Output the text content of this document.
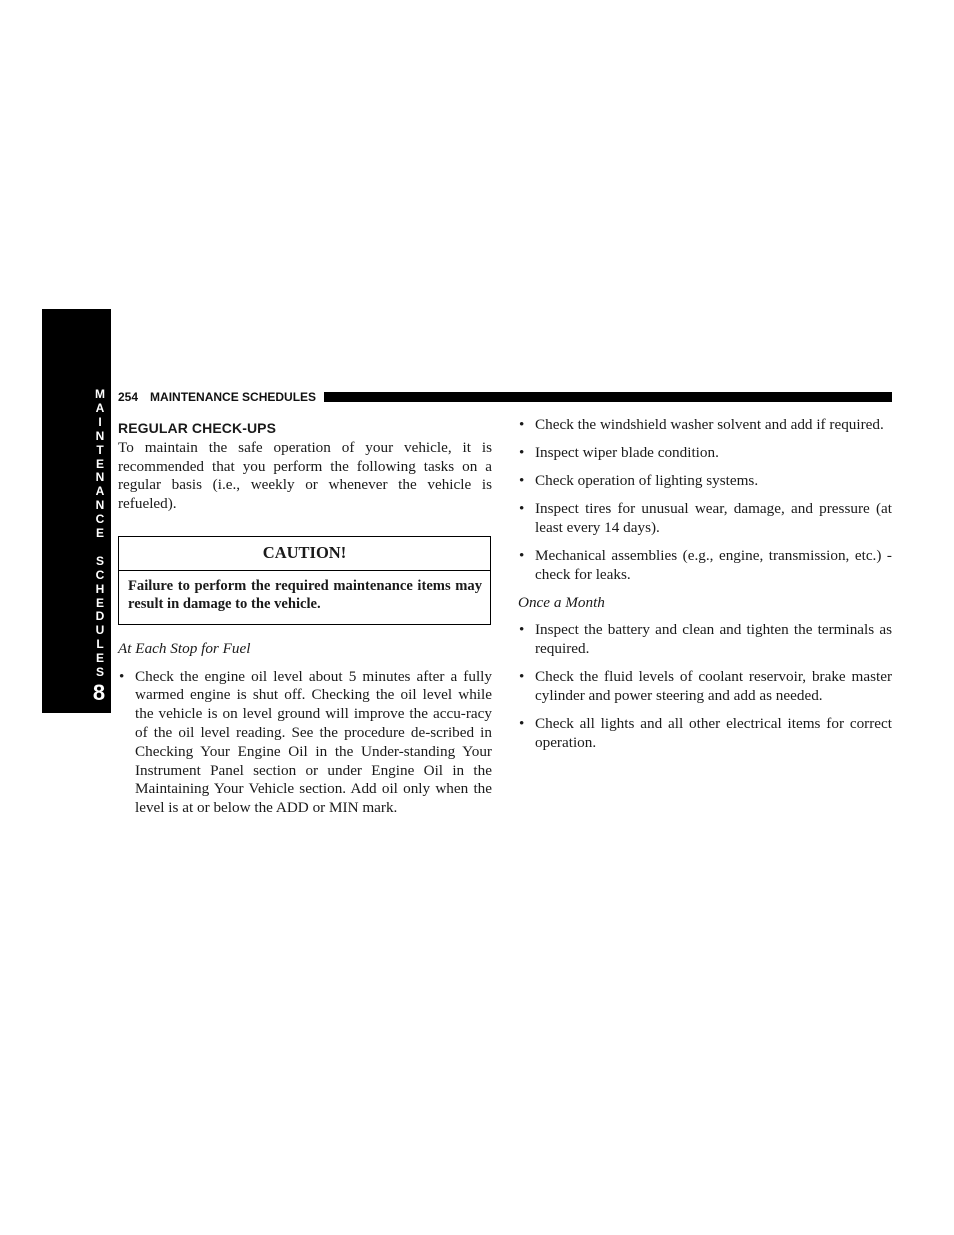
M
A
I
N
T
E
N
A
N
C
E
S
C
H
E
D
U
L
E
S
8
254 MAINTENANCE SCHEDULES
REGULAR CHECK-UPS

To maintain the safe operation of your vehicle, it is recommended that you perform the following tasks on a regular basis (i.e., weekly or whenever the vehicle is refueled).

CAUTION!
Failure to perform the required maintenance items may result in damage to the vehicle.
At Each Stop for Fuel
• Check the engine oil level about 5 minutes after a fully warmed engine is shut off. Checking the oil level while the vehicle is on level ground will improve the accu-racy of the oil level reading. See the procedure de-scribed in Checking Your Engine Oil in the Under-standing Your Instrument Panel section or under Engine Oil in the Maintaining Your Vehicle section. Add oil only when the level is at or below the ADD or MIN mark.
• Check the windshield washer solvent and add if required.
• Inspect wiper blade condition.
• Check operation of lighting systems.
• Inspect tires for unusual wear, damage, and pressure (at least every 14 days).
• Mechanical assemblies (e.g., engine, transmission, etc.) - check for leaks.
Once a Month
• Inspect the battery and clean and tighten the terminals as required.
• Check the fluid levels of coolant reservoir, brake master cylinder and power steering and add as needed.
• Check all lights and all other electrical items for correct operation.
